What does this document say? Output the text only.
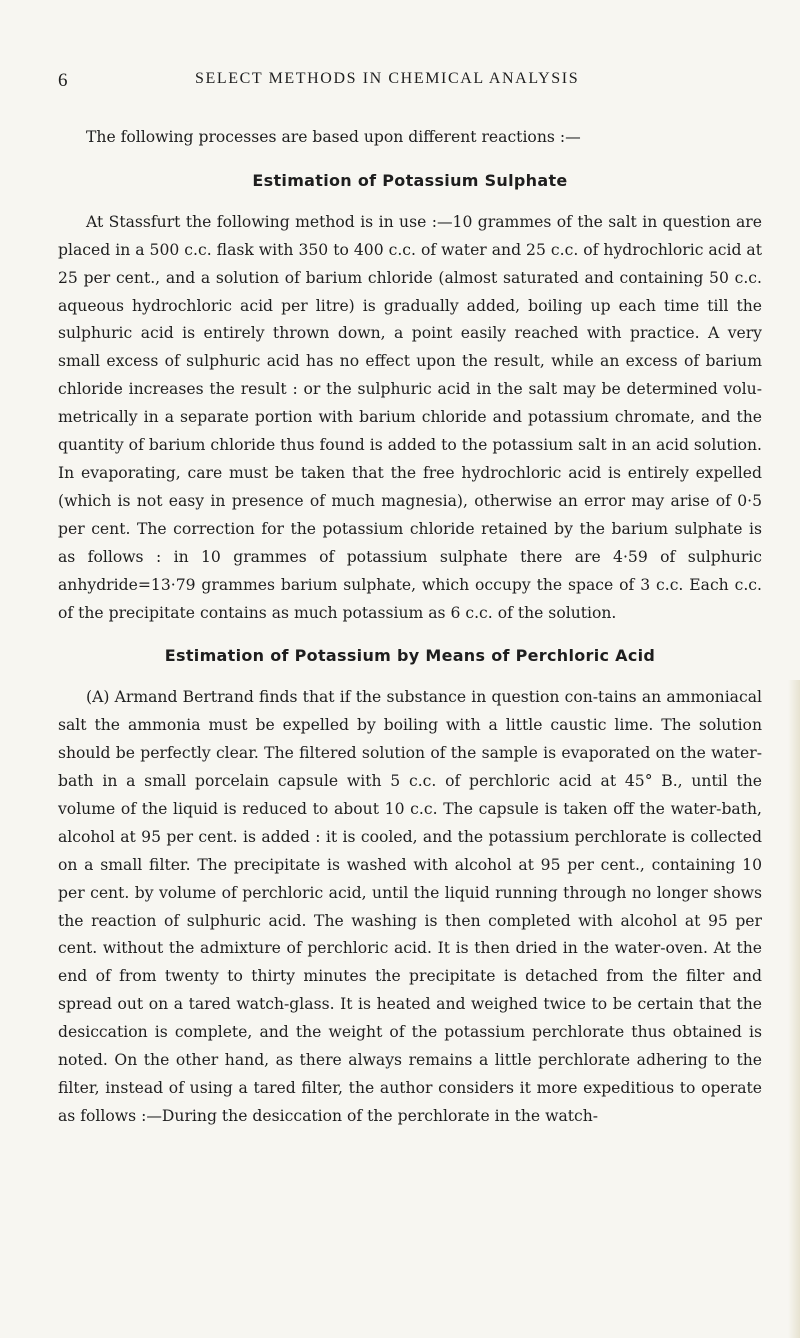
6	SELECT METHODS IN CHEMICAL ANALYSIS

The following processes are based upon different reactions :—

Estimation of Potassium Sulphate

At Stassfurt the following method is in use :—10 grammes of the salt in question are placed in a 500 c.c. flask with 350 to 400 c.c. of water and 25 c.c. of hydrochloric acid at 25 per cent., and a solution of barium chloride (almost saturated and containing 50 c.c. aqueous hydrochloric acid per litre) is gradually added, boiling up each time till the sulphuric acid is entirely thrown down, a point easily reached with practice. A very small excess of sulphuric acid has no effect upon the result, while an excess of barium chloride increases the result : or the sulphuric acid in the salt may be determined volu-metrically in a separate portion with barium chloride and potassium chromate, and the quantity of barium chloride thus found is added to the potassium salt in an acid solution. In evaporating, care must be taken that the free hydrochloric acid is entirely expelled (which is not easy in presence of much magnesia), otherwise an error may arise of 0·5 per cent. The correction for the potassium chloride retained by the barium sulphate is as follows : in 10 grammes of potassium sulphate there are 4·59 of sulphuric anhydride=13·79 grammes barium sulphate, which occupy the space of 3 c.c. Each c.c. of the precipitate contains as much potassium as 6 c.c. of the solution.

Estimation of Potassium by Means of Perchloric Acid

(A) Armand Bertrand finds that if the substance in question con-tains an ammoniacal salt the ammonia must be expelled by boiling with a little caustic lime. The solution should be perfectly clear. The filtered solution of the sample is evaporated on the water-bath in a small porcelain capsule with 5 c.c. of perchloric acid at 45° B., until the volume of the liquid is reduced to about 10 c.c. The capsule is taken off the water-bath, alcohol at 95 per cent. is added : it is cooled, and the potassium perchlorate is collected on a small filter. The precipitate is washed with alcohol at 95 per cent., containing 10 per cent. by volume of perchloric acid, until the liquid running through no longer shows the reaction of sulphuric acid. The washing is then completed with alcohol at 95 per cent. without the admixture of perchloric acid. It is then dried in the water-oven. At the end of from twenty to thirty minutes the precipitate is detached from the filter and spread out on a tared watch-glass. It is heated and weighed twice to be certain that the desiccation is complete, and the weight of the potassium perchlorate thus obtained is noted. On the other hand, as there always remains a little perchlorate adhering to the filter, instead of using a tared filter, the author considers it more expeditious to operate as follows :—During the desiccation of the perchlorate in the watch-
